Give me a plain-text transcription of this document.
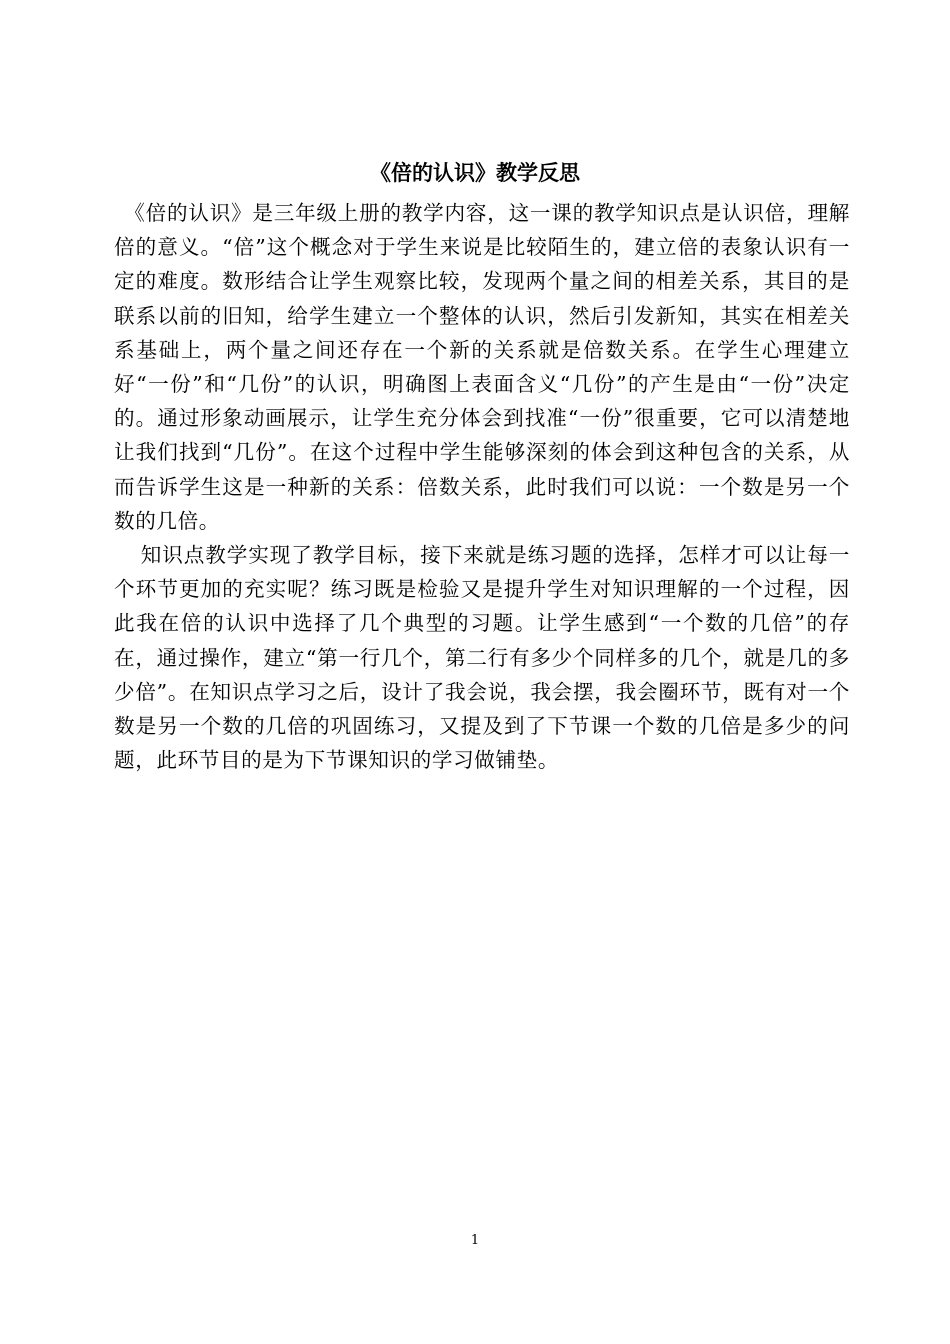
《倍的认识》教学反思

《倍的认识》是三年级上册的教学内容，这一课的教学知识点是认识倍，理解倍的意义。“倍”这个概念对于学生来说是比较陌生的，建立倍的表象认识有一定的难度。数形结合让学生观察比较，发现两个量之间的相差关系，其目的是联系以前的旧知，给学生建立一个整体的认识，然后引发新知，其实在相差关系基础上，两个量之间还存在一个新的关系就是倍数关系。在学生心理建立好“一份”和“几份”的认识，明确图上表面含义“几份”的产生是由“一份”决定的。通过形象动画展示，让学生充分体会到找准“一份”很重要，它可以清楚地让我们找到“几份”。在这个过程中学生能够深刻的体会到这种包含的关系，从而告诉学生这是一种新的关系：倍数关系，此时我们可以说：一个数是另一个数的几倍。

知识点教学实现了教学目标，接下来就是练习题的选择，怎样才可以让每一个环节更加的充实呢？练习既是检验又是提升学生对知识理解的一个过程，因此我在倍的认识中选择了几个典型的习题。让学生感到“一个数的几倍”的存在，通过操作，建立“第一行几个，第二行有多少个同样多的几个，就是几的多少倍”。在知识点学习之后，设计了我会说，我会摆，我会圈环节，既有对一个数是另一个数的几倍的巩固练习，又提及到了下节课一个数的几倍是多少的问题，此环节目的是为下节课知识的学习做铺垫。

1
